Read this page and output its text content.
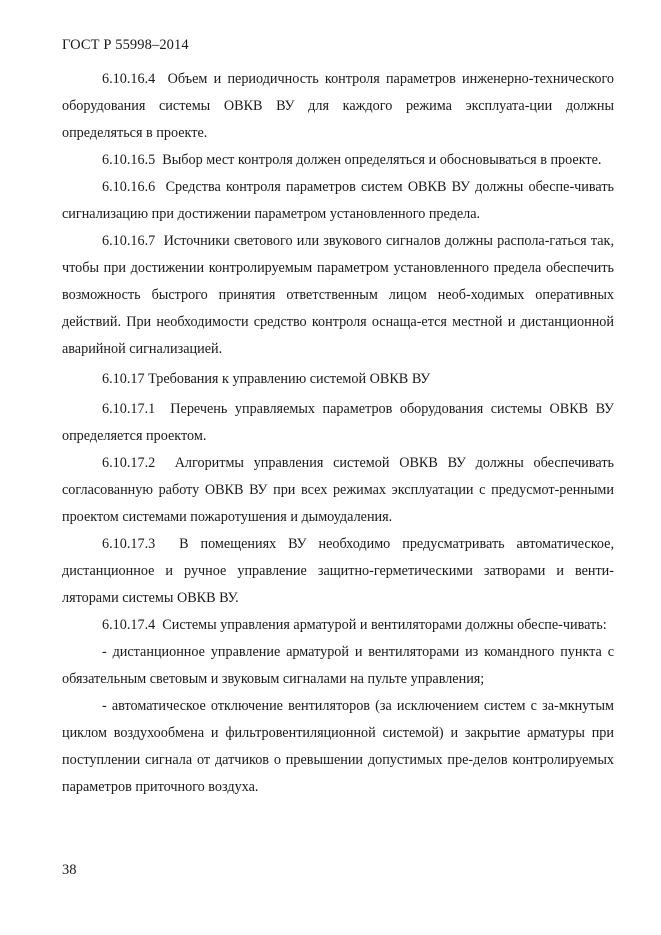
ГОСТ Р 55998–2014

6.10.16.4 Объем и периодичность контроля параметров инженерно-технического оборудования системы ОВКВ ВУ для каждого режима эксплуата-ции должны определяться в проекте.

6.10.16.5 Выбор мест контроля должен определяться и обосновываться в проекте.

6.10.16.6 Средства контроля параметров систем ОВКВ ВУ должны обеспе-чивать сигнализацию при достижении параметром установленного предела.

6.10.16.7 Источники светового или звукового сигналов должны распола-гаться так, чтобы при достижении контролируемым параметром установленного предела обеспечить возможность быстрого принятия ответственным лицом необ-ходимых оперативных действий. При необходимости средство контроля оснаща-ется местной и дистанционной аварийной сигнализацией.

6.10.17 Требования к управлению системой ОВКВ ВУ

6.10.17.1 Перечень управляемых параметров оборудования системы ОВКВ ВУ определяется проектом.

6.10.17.2 Алгоритмы управления системой ОВКВ ВУ должны обеспечивать согласованную работу ОВКВ ВУ при всех режимах эксплуатации с предусмот-ренными проектом системами пожаротушения и дымоудаления.

6.10.17.3 В помещениях ВУ необходимо предусматривать автоматическое, дистанционное и ручное управление защитно-герметическими затворами и венти-ляторами системы ОВКВ ВУ.

6.10.17.4 Системы управления арматурой и вентиляторами должны обеспе-чивать:

- дистанционное управление арматурой и вентиляторами из командного пункта с обязательным световым и звуковым сигналами на пульте управления;

- автоматическое отключение вентиляторов (за исключением систем с за-мкнутым циклом воздухообмена и фильтровентиляционной системой) и закрытие арматуры при поступлении сигнала от датчиков о превышении допустимых пре-делов контролируемых параметров приточного воздуха.

38
